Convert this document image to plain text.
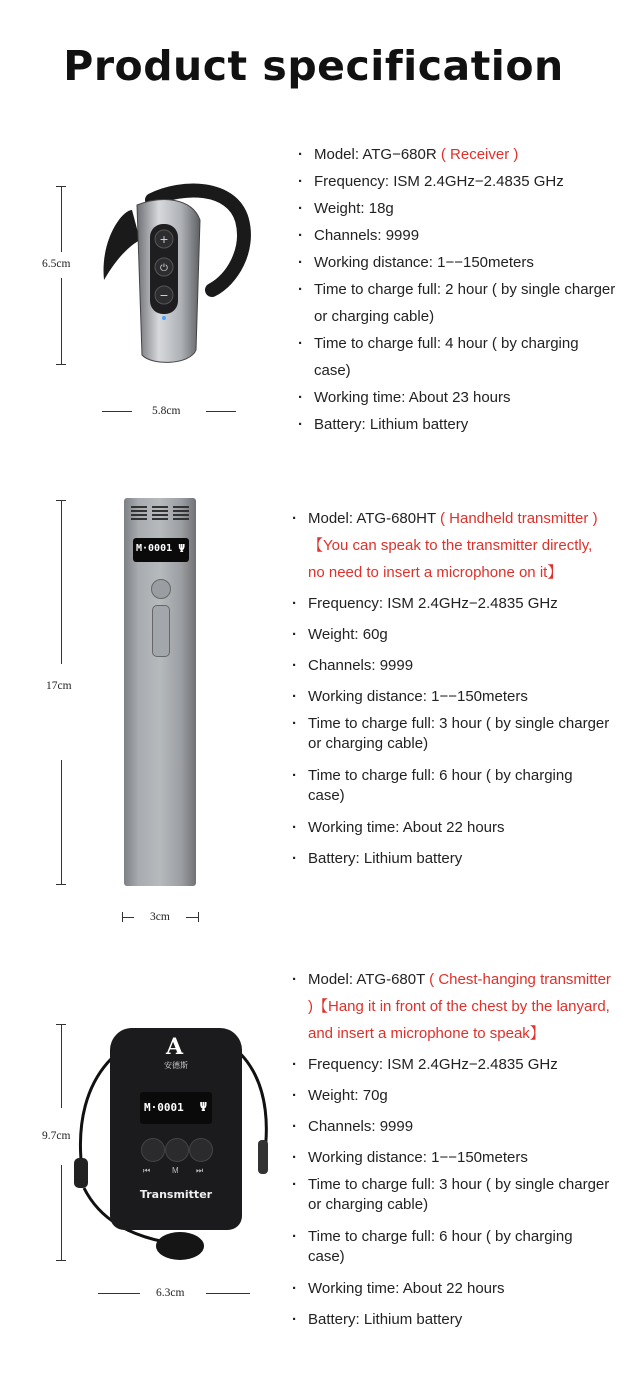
Product specification
6.5cm
5.8cm
+
⏻
−
· Model: ATG−680R ( Receiver )
· Frequency: ISM 2.4GHz−2.4835 GHz
· Weight: 18g
· Channels: 9999
· Working distance: 1−−150meters
· Time to charge full: 2 hour ( by single charger or charging cable)
· Time to charge full: 4 hour ( by charging case)
· Working time: About 23 hours
· Battery: Lithium battery
17cm
3cm
M·0001 Ψ
· Model: ATG-680HT ( Handheld transmitter )【You can speak to the transmitter directly, no need to insert a microphone on it】
· Frequency: ISM 2.4GHz−2.4835 GHz
· Weight: 60g
· Channels: 9999
· Working distance: 1−−150meters
· Time to charge full: 3 hour ( by single charger or charging cable)
· Time to charge full: 6 hour ( by charging case)
· Working time: About 22 hours
· Battery: Lithium battery
9.7cm
6.3cm
A
安德斯
M·0001 Ψ
⏮	M ⏭
Transmitter
· Model: ATG-680T ( Chest-hanging transmitter )【Hang it in front of the chest by the lanyard, and insert a microphone to speak】
· Frequency: ISM 2.4GHz−2.4835 GHz
· Weight: 70g
· Channels: 9999
· Working distance: 1−−150meters
· Time to charge full: 3 hour ( by single charger or charging cable)
· Time to charge full: 6 hour ( by charging case)
· Working time: About 22 hours
· Battery: Lithium battery
